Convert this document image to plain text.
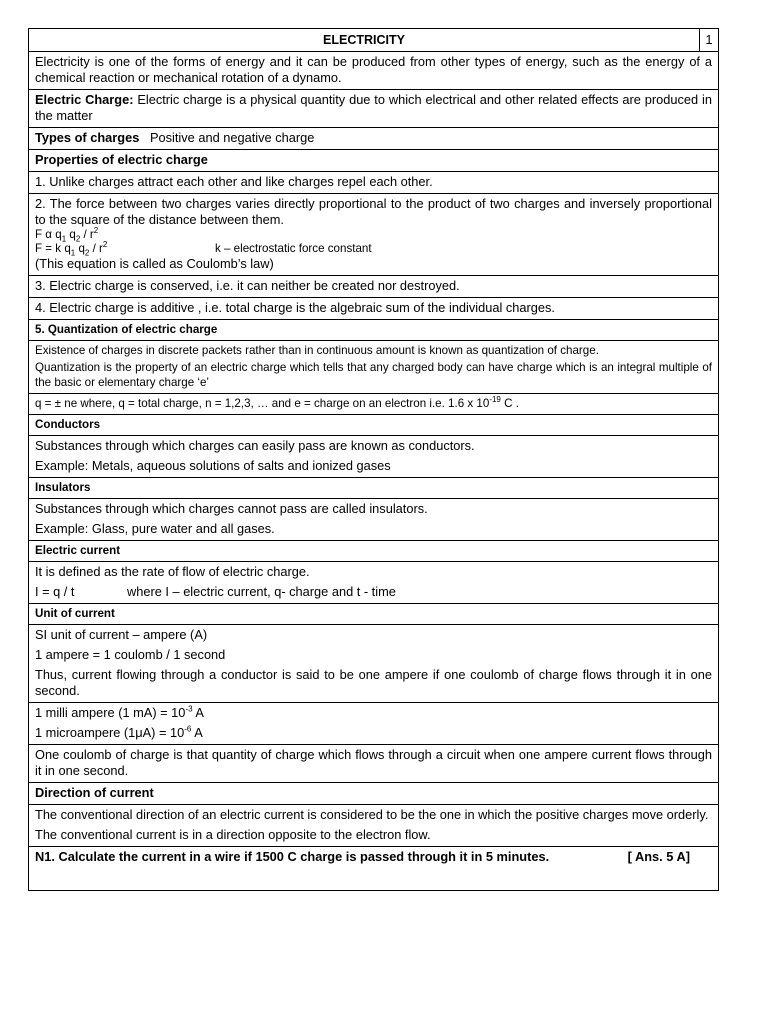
ELECTRICITY	1
Electricity is one of the forms of energy and it can be produced from other types of energy, such as the energy of a chemical reaction or mechanical rotation of a dynamo.
Electric Charge: Electric charge is a physical quantity due to which electrical and other related effects are produced in the matter
Types of charges Positive and negative charge
Properties of electric charge
1. Unlike charges attract each other and like charges repel each other.
2. The force between two charges varies directly proportional to the product of two charges and inversely proportional to the square of the distance between them.
F α $q_1$ $q_2 / r^2$
F = k $q_1$ $q_2 / r^2$	k – electrostatic force constant
(This equation is called as Coulomb’s law)
3. Electric charge is conserved, i.e. it can neither be created nor destroyed.
4. Electric charge is additive , i.e. total charge is the algebraic sum of the individual charges.
5. Quantization of electric charge
Existence of charges in discrete packets rather than in continuous amount is known as quantization of charge.
Quantization is the property of an electric charge which tells that any charged body can have charge which is an integral multiple of the basic or elementary charge ‘e’
q = ± ne where, q = total charge, n = 1,2,3, … and e = charge on an electron i.e. 1.6 x $10^{-19}$ C .
Conductors
Substances through which charges can easily pass are known as conductors.
Example: Metals, aqueous solutions of salts and ionized gases
Insulators
Substances through which charges cannot pass are called insulators.
Example: Glass, pure water and all gases.
Electric current
It is defined as the rate of flow of electric charge.
I = q / t	where I – electric current, q- charge and t - time
Unit of current
SI unit of current – ampere (A)
1 ampere = 1 coulomb / 1 second
Thus, current flowing through a conductor is said to be one ampere if one coulomb of charge flows through it in one second.
1 milli ampere (1 $mA) = 10^{-3}$ A
1 microampere $(1\mu A) = 10^{-6}$ A
One coulomb of charge is that quantity of charge which flows through a circuit when one ampere current flows through it in one second.
Direction of current
The conventional direction of an electric current is considered to be the one in which the positive charges move orderly.
The conventional current is in a direction opposite to the electron flow.
N1. Calculate the current in a wire if 1500 C charge is passed through it in 5 minutes.	[ Ans. 5 A]
